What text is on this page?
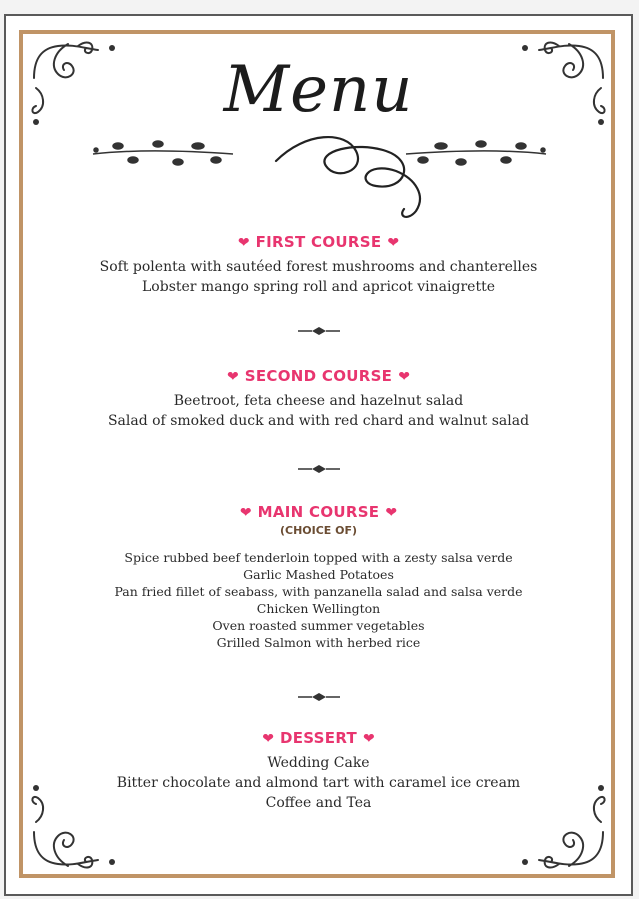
Menu
❤ FIRST COURSE ❤
Soft polenta with sautéed forest mushrooms and chanterelles
Lobster mango spring roll and apricot vinaigrette
❤ SECOND COURSE ❤
Beetroot, feta cheese and hazelnut salad
Salad of smoked duck and with red chard and walnut salad
❤ MAIN COURSE ❤
(CHOICE OF)
Spice rubbed beef tenderloin topped with a zesty salsa verde
Garlic Mashed Potatoes
Pan fried fillet of seabass, with panzanella salad and salsa verde
Chicken Wellington
Oven roasted summer vegetables
Grilled Salmon with herbed rice
❤ DESSERT ❤
Wedding Cake
Bitter chocolate and almond tart with caramel ice cream
Coffee and Tea
